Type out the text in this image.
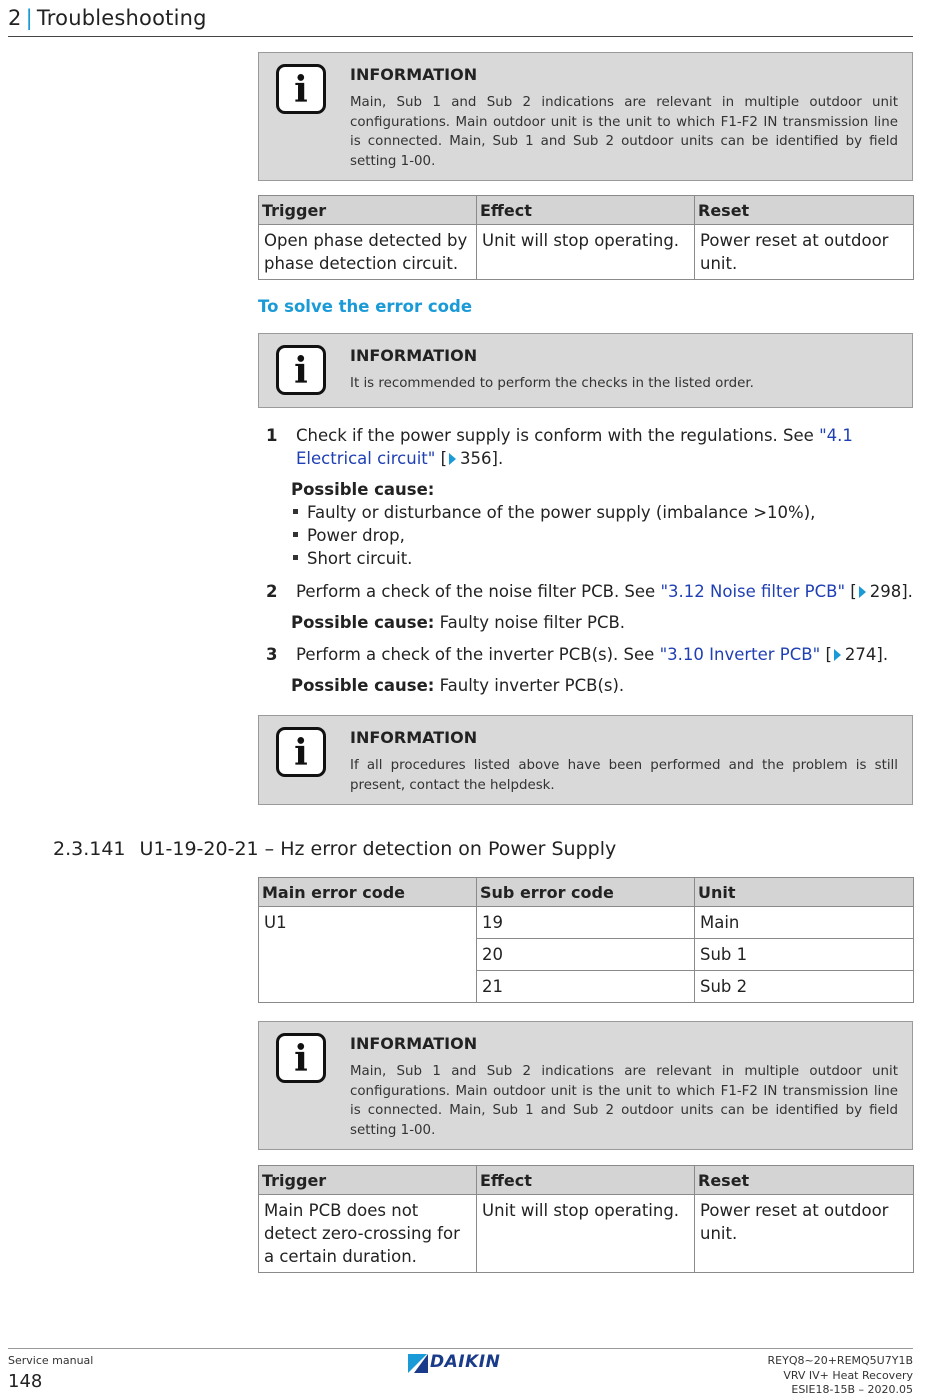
2 | Troubleshooting
i	INFORMATION
Main, Sub 1 and Sub 2 indications are relevant in multiple outdoor unit configurations. Main outdoor unit is the unit to which F1-F2 IN transmission line is connected. Main, Sub 1 and Sub 2 outdoor units can be identified by field setting 1-00.
Trigger	Effect	Reset
Open phase detected by phase detection circuit.	Unit will stop operating.	Power reset at outdoor unit.
To solve the error code
i	INFORMATION
It is recommended to perform the checks in the listed order.
1 Check if the power supply is conform with the regulations. See "4.1 Electrical circuit" [ 356].
Possible cause:
Faulty or disturbance of the power supply (imbalance >10%),
Power drop,
Short circuit.
2 Perform a check of the noise filter PCB. See "3.12 Noise filter PCB" [ 298].
Possible cause: Faulty noise filter PCB.
3 Perform a check of the inverter PCB(s). See "3.10 Inverter PCB" [ 274].
Possible cause: Faulty inverter PCB(s).
i	INFORMATION
If all procedures listed above have been performed and the problem is still present, contact the helpdesk.
2.3.141 U1-19-20-21 – Hz error detection on Power Supply
Main error code	Sub error code	Unit
U1	19	Main
	20	Sub 1
	21	Sub 2
i	INFORMATION
Main, Sub 1 and Sub 2 indications are relevant in multiple outdoor unit configurations. Main outdoor unit is the unit to which F1-F2 IN transmission line is connected. Main, Sub 1 and Sub 2 outdoor units can be identified by field setting 1-00.
Trigger	Effect	Reset
Main PCB does not detect zero-crossing for a certain duration.	Unit will stop operating.	Power reset at outdoor unit.
Service manual
148
DAIKIN	REYQ8~20+REMQ5U7Y1B
VRV IV+ Heat Recovery
ESIE18-15B – 2020.05
